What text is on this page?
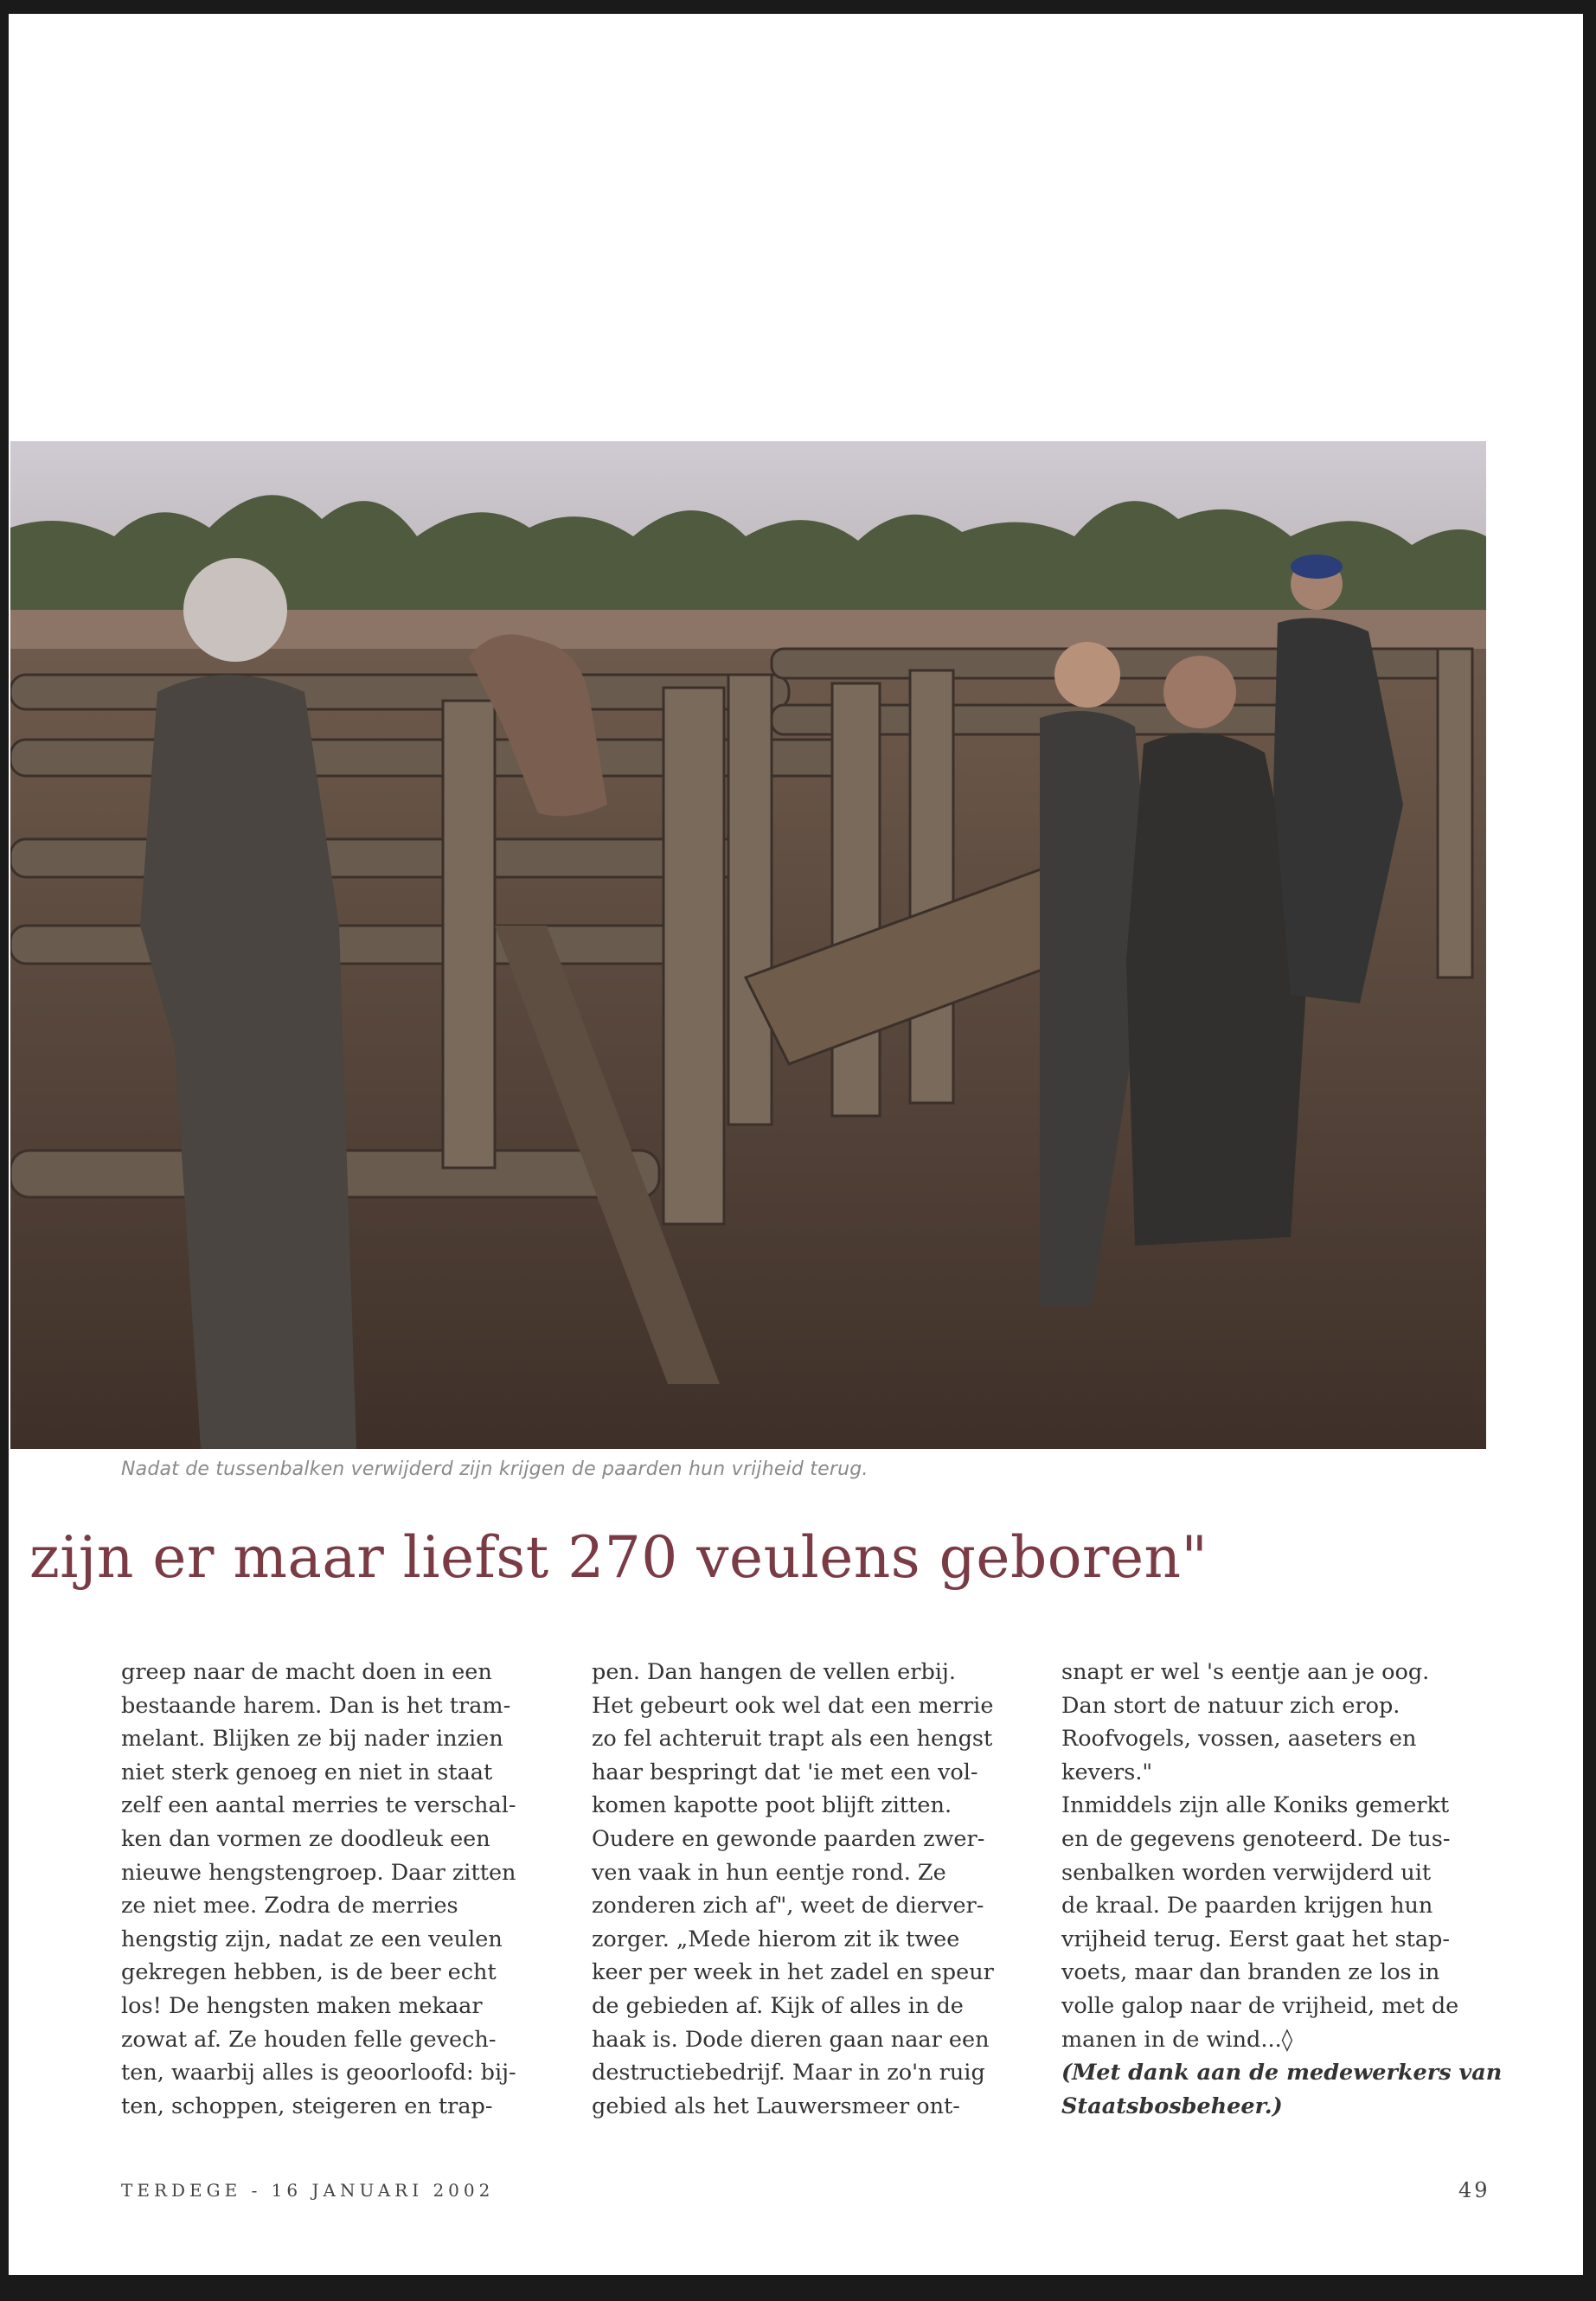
Nadat de tussenbalken verwijderd zijn krijgen de paarden hun vrijheid terug.
zijn er maar liefst 270 veulens geboren"

greep naar de macht doen in een

bestaande harem. Dan is het tram-

melant. Blijken ze bij nader inzien

niet sterk genoeg en niet in staat

zelf een aantal merries te verschal-

ken dan vormen ze doodleuk een

nieuwe hengstengroep. Daar zitten

ze niet mee. Zodra de merries

hengstig zijn, nadat ze een veulen

gekregen hebben, is de beer echt

los! De hengsten maken mekaar

zowat af. Ze houden felle gevech-

ten, waarbij alles is geoorloofd: bij-

ten, schoppen, steigeren en trap-

pen. Dan hangen de vellen erbij.

Het gebeurt ook wel dat een merrie

zo fel achteruit trapt als een hengst

haar bespringt dat 'ie met een vol-

komen kapotte poot blijft zitten.

Oudere en gewonde paarden zwer-

ven vaak in hun eentje rond. Ze

zonderen zich af", weet de dierver-

zorger. „Mede hierom zit ik twee

keer per week in het zadel en speur

de gebieden af. Kijk of alles in de

haak is. Dode dieren gaan naar een

destructiebedrijf. Maar in zo'n ruig

gebied als het Lauwersmeer ont-

snapt er wel 's eentje aan je oog.

Dan stort de natuur zich erop.

Roofvogels, vossen, aaseters en

kevers."

Inmiddels zijn alle Koniks gemerkt

en de gegevens genoteerd. De tus-

senbalken worden verwijderd uit

de kraal. De paarden krijgen hun

vrijheid terug. Eerst gaat het stap-

voets, maar dan branden ze los in

volle galop naar de vrijheid, met de

manen in de wind...◊

(Met dank aan de medewerkers van

Staatsbosbeheer.)

TERDEGE - 16 JANUARI 2002	49
